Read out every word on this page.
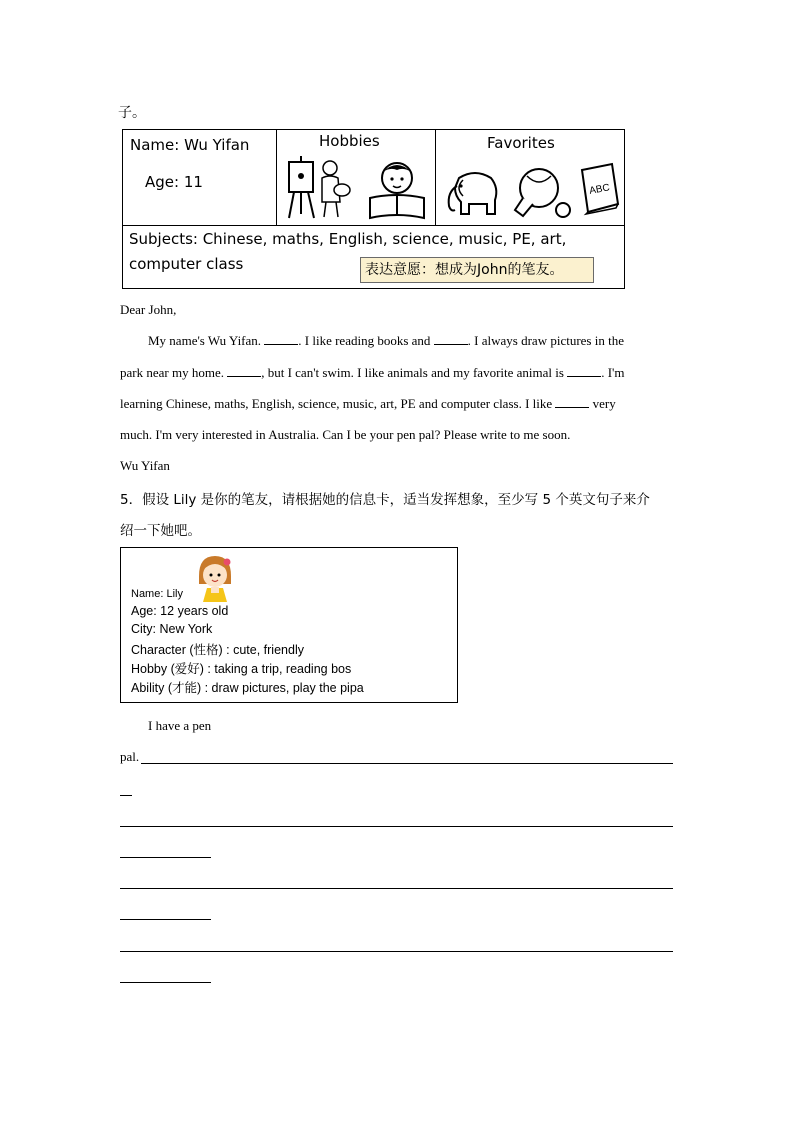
子。
Name: Wu Yifan
Age: 11
Hobbies	Favorites
ABC
Subjects: Chinese, maths, English, science, music, PE, art,
computer class	表达意愿：想成为John的笔友。
Dear John,
My name's Wu Yifan.	. I like reading books and	. I always draw pictures in the
park near my home.	, but I can't swim. I like animals and my favorite animal is	. I'm
learning Chinese, maths, English, science, music, art, PE and computer class. I like	very
much. I'm very interested in Australia. Can I be your pen pal? Please write to me soon.
Wu Yifan
5．假设 Lily 是你的笔友，请根据她的信息卡，适当发挥想象，至少写 5 个英文句子来介
绍一下她吧。
Name: Lily
Age: 12 years old
City: New York
Character (性格) : cute, friendly
Hobby (爱好) : taking a trip, reading bos
Ability (才能) : draw pictures, play the pipa
I have a pen
pal.
